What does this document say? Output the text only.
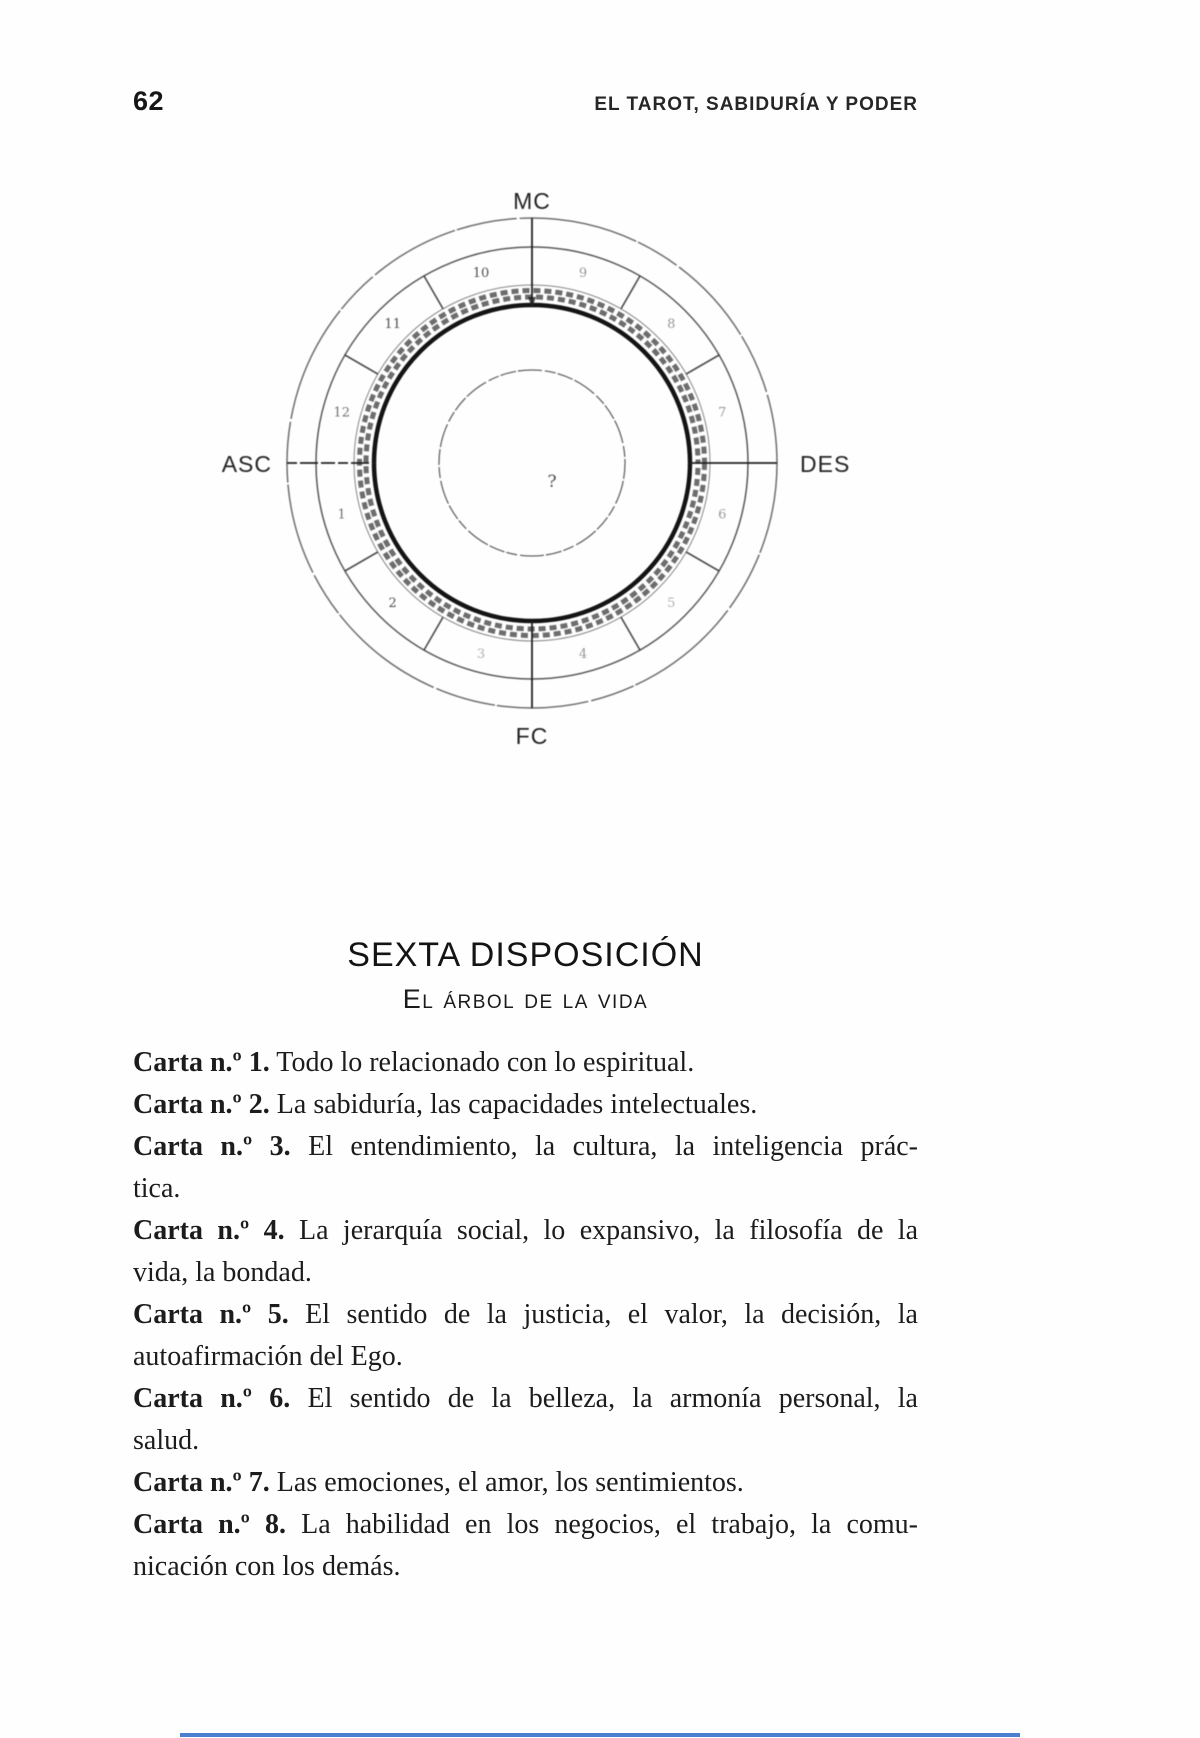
62	EL TAROT, SABIDURÍA Y PODER
1
2
3	4
5
6
7
8
9
10
11
12
?
MC
FC
ASC	DES
SEXTA DISPOSICIÓN
El árbol de la vida
Carta n.º 1. Todo lo relacionado con lo espiritual.
Carta n.º 2. La sabiduría, las capacidades intelectuales.
Carta n.º 3. El entendimiento, la cultura, la inteligencia prác-
tica.
Carta n.º 4. La jerarquía social, lo expansivo, la filosofía de la
vida, la bondad.
Carta n.º 5. El sentido de la justicia, el valor, la decisión, la
autoafirmación del Ego.
Carta n.º 6. El sentido de la belleza, la armonía personal, la
salud.
Carta n.º 7. Las emociones, el amor, los sentimientos.
Carta n.º 8. La habilidad en los negocios, el trabajo, la comu-
nicación con los demás.
